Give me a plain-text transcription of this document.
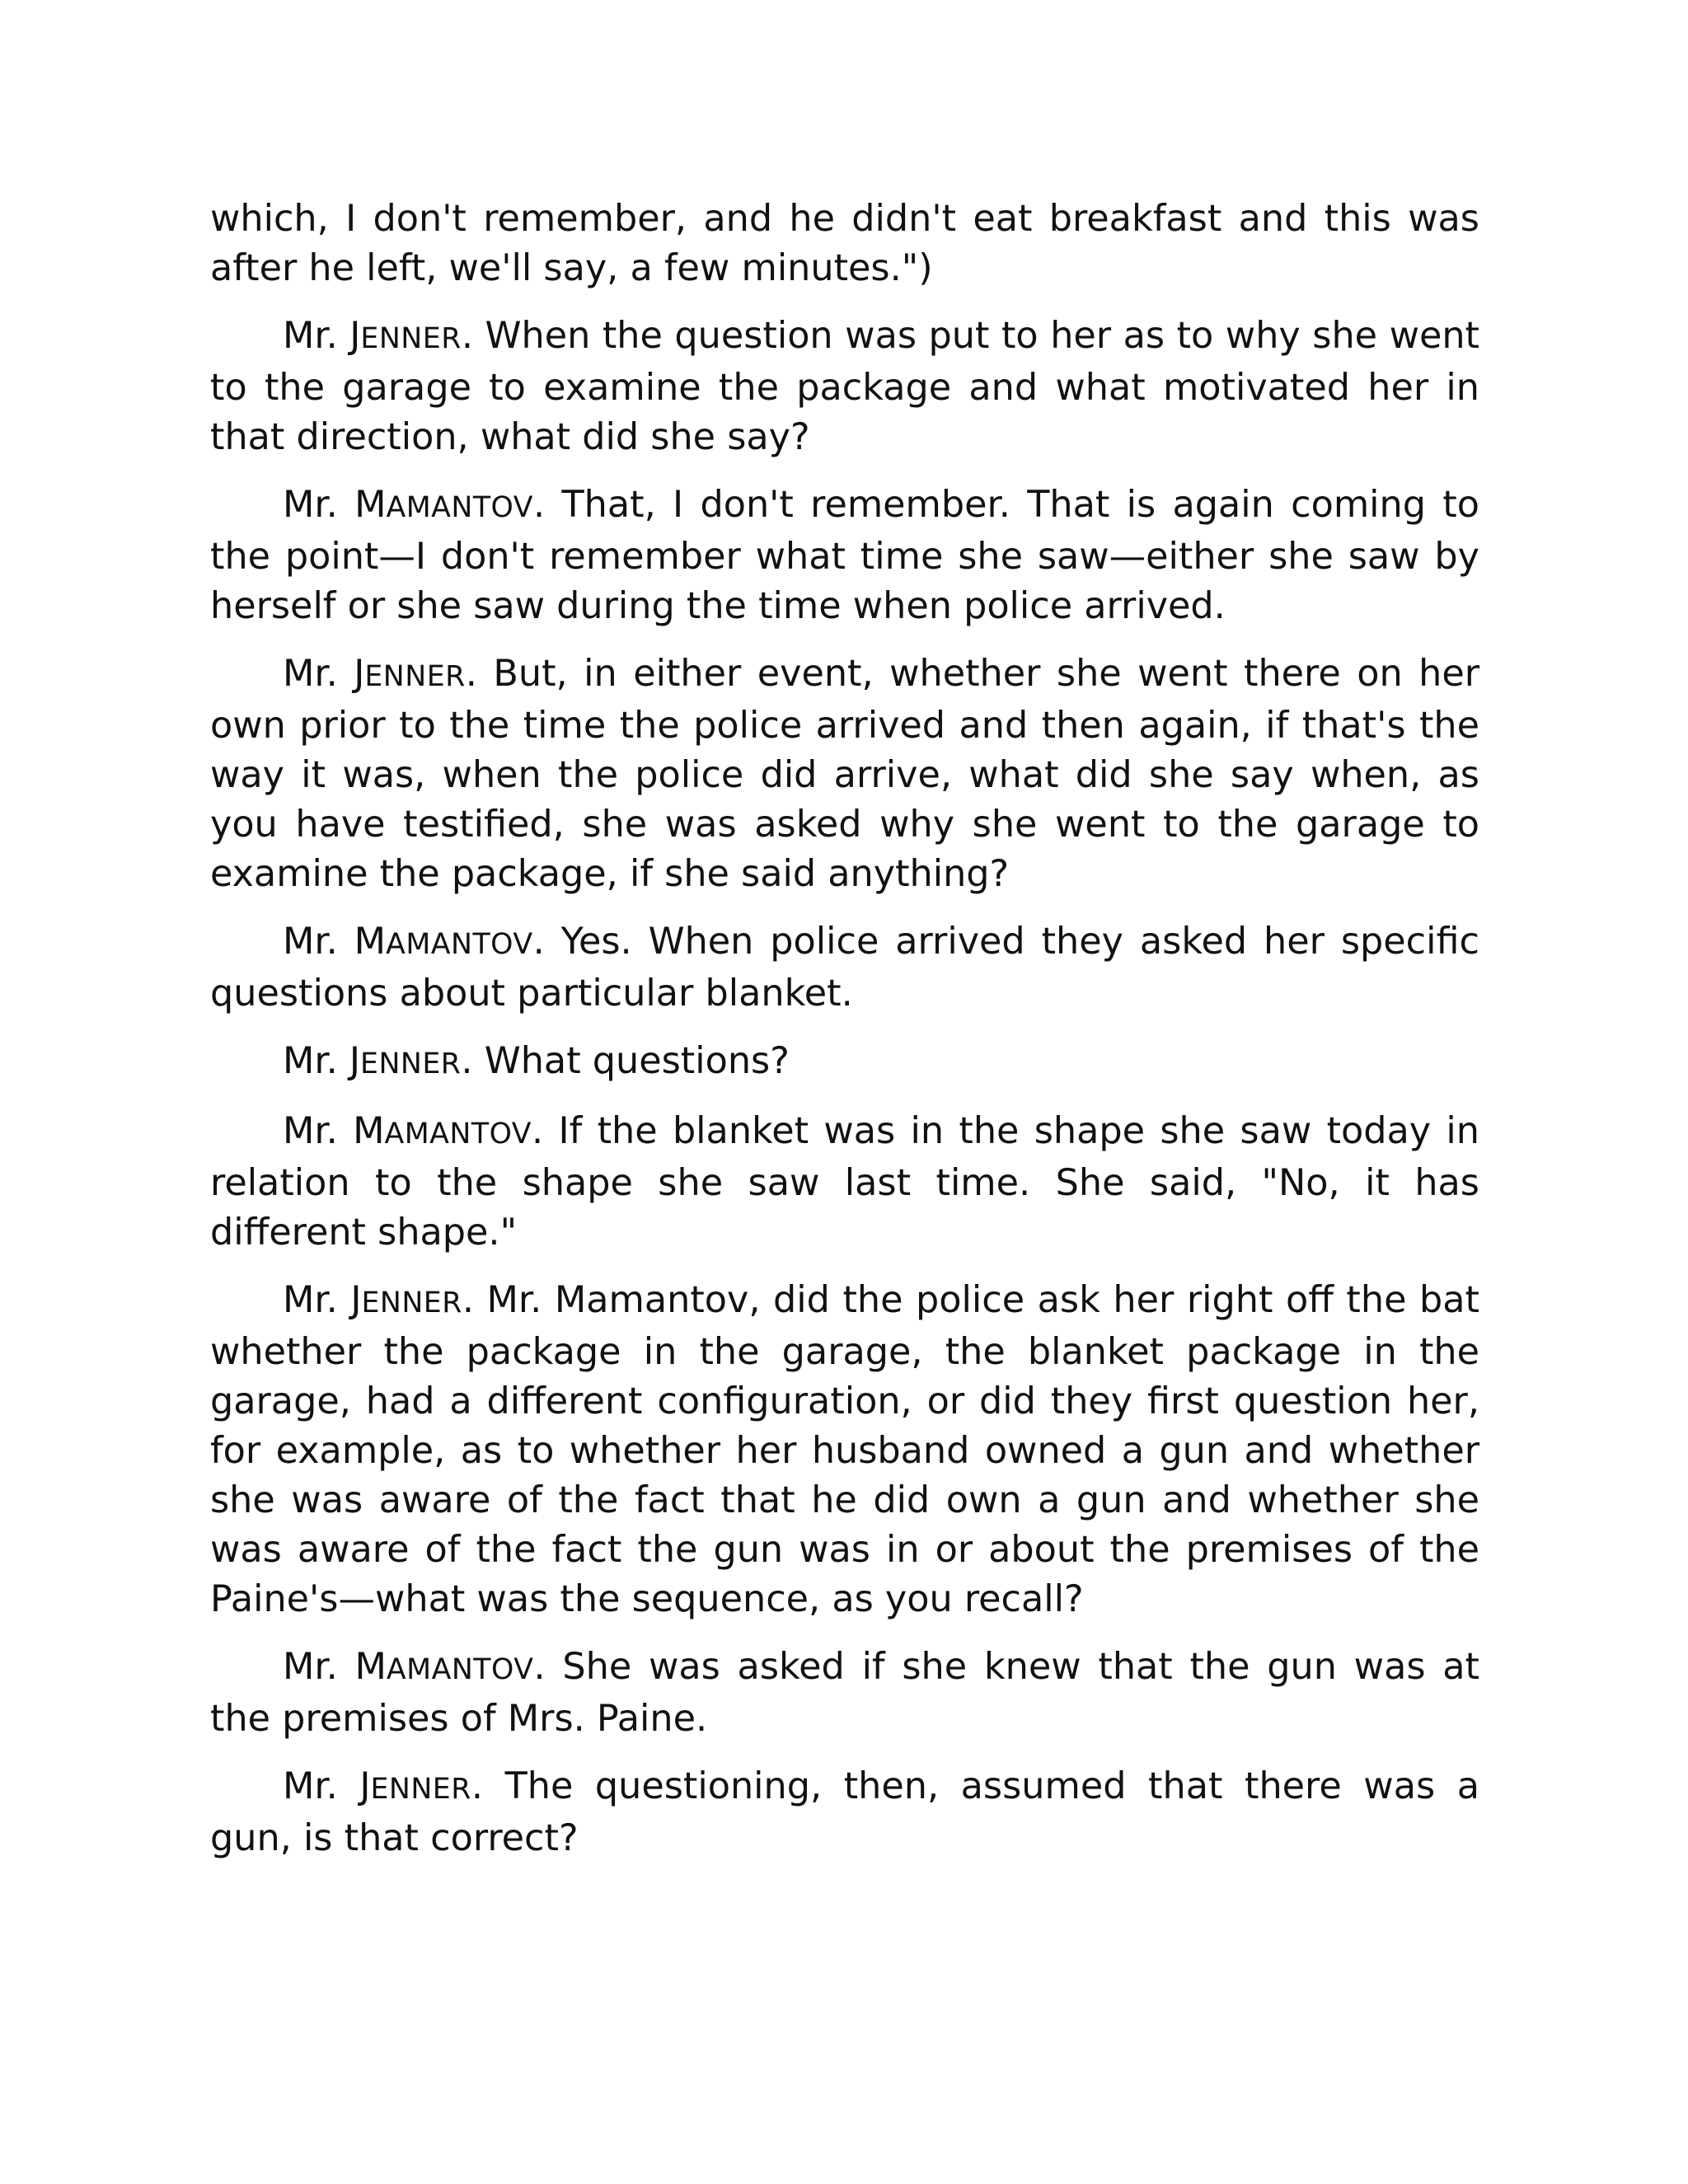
which, I don't remember, and he didn't eat breakfast and this was after he left, we'll say, a few minutes.")

Mr. JENNER. When the question was put to her as to why she went to the garage to examine the package and what motivated her in that direction, what did she say?

Mr. MAMANTOV. That, I don't remember. That is again coming to the point—I don't remember what time she saw—either she saw by herself or she saw during the time when police arrived.

Mr. JENNER. But, in either event, whether she went there on her own prior to the time the police arrived and then again, if that's the way it was, when the police did arrive, what did she say when, as you have testified, she was asked why she went to the garage to examine the package, if she said anything?

Mr. MAMANTOV. Yes. When police arrived they asked her specific questions about particular blanket.

Mr. JENNER. What questions?

Mr. MAMANTOV. If the blanket was in the shape she saw today in relation to the shape she saw last time. She said, "No, it has different shape."

Mr. JENNER. Mr. Mamantov, did the police ask her right off the bat whether the package in the garage, the blanket package in the garage, had a different configuration, or did they first question her, for example, as to whether her husband owned a gun and whether she was aware of the fact that he did own a gun and whether she was aware of the fact the gun was in or about the premises of the Paine's—what was the sequence, as you recall?

Mr. MAMANTOV. She was asked if she knew that the gun was at the premises of Mrs. Paine.

Mr. JENNER. The questioning, then, assumed that there was a gun, is that correct?
